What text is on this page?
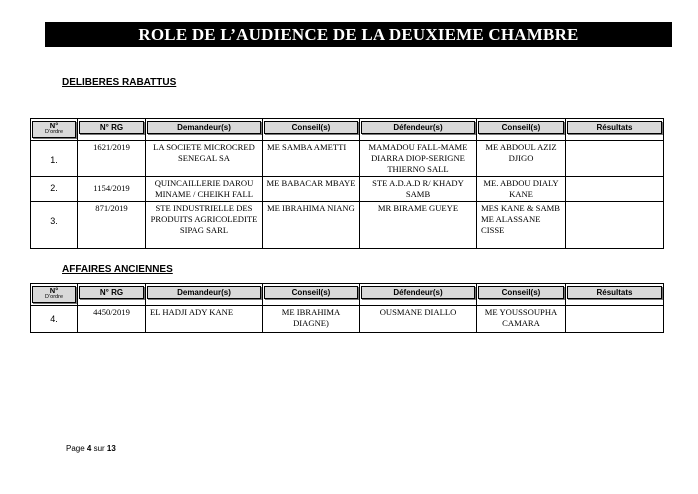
ROLE DE L’AUDIENCE DE LA DEUXIEME CHAMBRE
DELIBERES RABATTUS
N°
D’ordre	N° RG	Demandeur(s)	Conseil(s)	Défendeur(s)	Conseil(s)	Résultats

1.	1621/2019	LA SOCIETE MICROCRED SENEGAL SA	ME SAMBA AMETTI	MAMADOU FALL-MAME DIARRA DIOP-SERIGNE THIERNO SALL	ME ABDOUL AZIZ DJIGO	
2.	1154/2019	QUINCAILLERIE DAROU MINAME / CHEIKH FALL	ME BABACAR MBAYE	STE A.D.A.D R/ KHADY SAMB	ME. ABDOU DIALY KANE	
3.	871/2019	STE INDUSTRIELLE DES PRODUITS AGRICOLEDITE SIPAG SARL	ME IBRAHIMA NIANG	MR BIRAME GUEYE	MES KANE & SAMB ME ALASSANE CISSE	
AFFAIRES ANCIENNES
N°
D’ordre	N° RG	Demandeur(s)	Conseil(s)	Défendeur(s)	Conseil(s)	Résultats

4.	4450/2019	EL HADJI ADY KANE	ME IBRAHIMA DIAGNE)	OUSMANE DIALLO	ME YOUSSOUPHA CAMARA	
Page 4 sur 13
